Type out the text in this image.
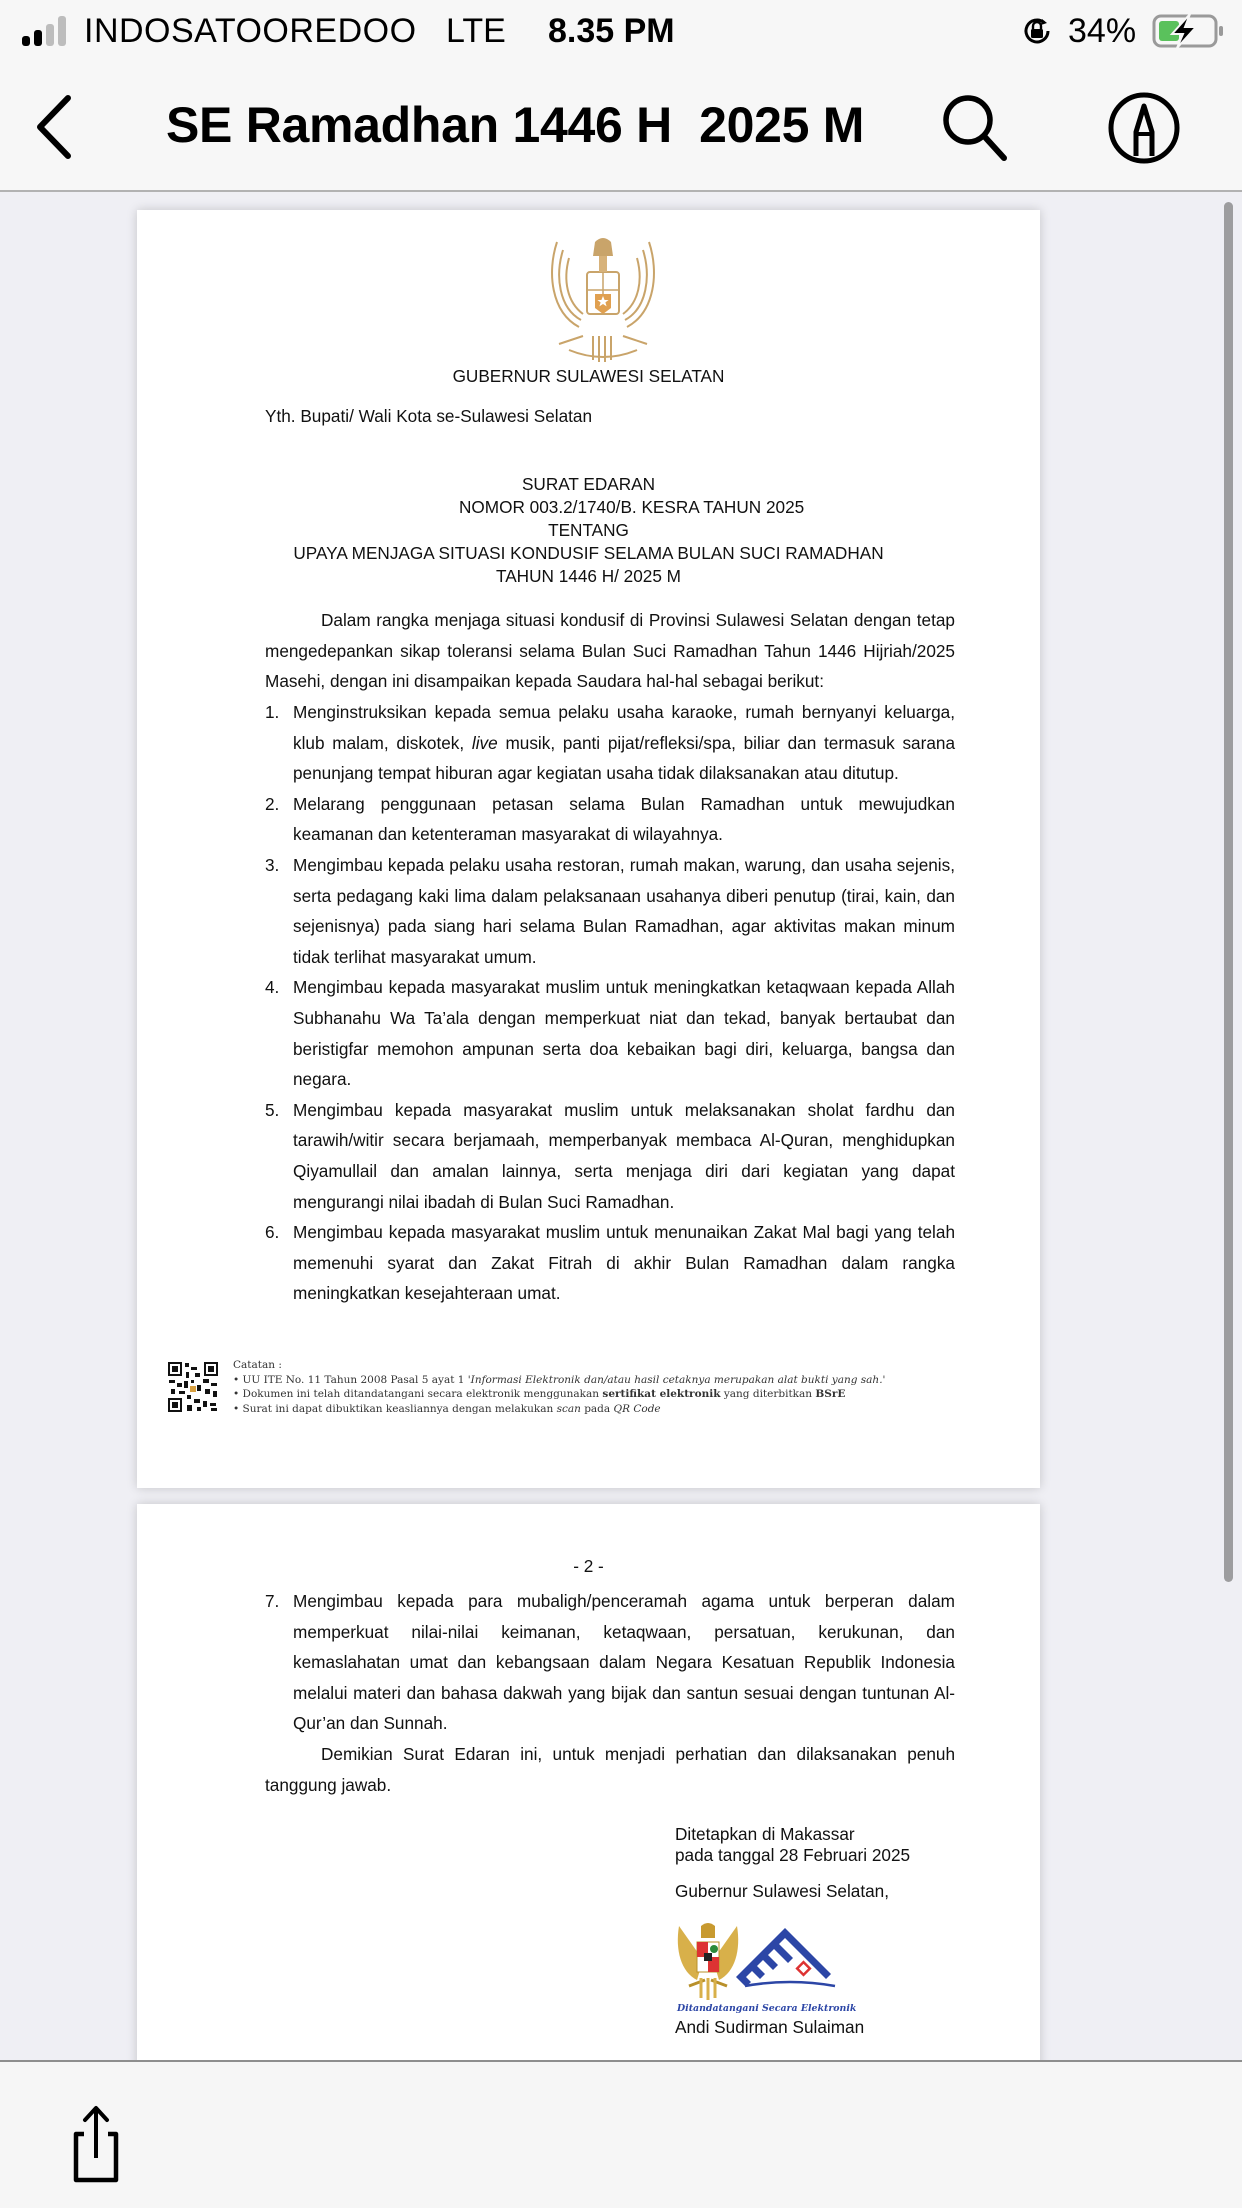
INDOSATOOREDOO LTE 8.35 PM	34%
SE Ramadhan 1446 H  2025 M
GUBERNUR SULAWESI SELATAN
Yth. Bupati/ Wali Kota se-Sulawesi Selatan
SURAT EDARAN
NOMOR 003.2/1740/B. KESRA TAHUN 2025
TENTANG
UPAYA MENJAGA SITUASI KONDUSIF SELAMA BULAN SUCI RAMADHAN
TAHUN 1446 H/ 2025 M
Dalam rangka menjaga situasi kondusif di Provinsi Sulawesi Selatan dengan tetap mengedepankan sikap toleransi selama Bulan Suci Ramadhan Tahun 1446 Hijriah/2025 Masehi, dengan ini disampaikan kepada Saudara hal-hal sebagai berikut:
1. Menginstruksikan kepada semua pelaku usaha karaoke, rumah bernyanyi keluarga, klub malam, diskotek, live musik, panti pijat/refleksi/spa, biliar dan termasuk sarana penunjang tempat hiburan agar kegiatan usaha tidak dilaksanakan atau ditutup.
2. Melarang penggunaan petasan selama Bulan Ramadhan untuk mewujudkan keamanan dan ketenteraman masyarakat di wilayahnya.
3. Mengimbau kepada pelaku usaha restoran, rumah makan, warung, dan usaha sejenis, serta pedagang kaki lima dalam pelaksanaan usahanya diberi penutup (tirai, kain, dan sejenisnya) pada siang hari selama Bulan Ramadhan, agar aktivitas makan minum tidak terlihat masyarakat umum.
4. Mengimbau kepada masyarakat muslim untuk meningkatkan ketaqwaan kepada Allah Subhanahu Wa Ta’ala dengan memperkuat niat dan tekad, banyak bertaubat dan beristigfar memohon ampunan serta doa kebaikan bagi diri, keluarga, bangsa dan negara.
5. Mengimbau kepada masyarakat muslim untuk melaksanakan sholat fardhu dan tarawih/witir secara berjamaah, memperbanyak membaca Al-Quran, menghidupkan Qiyamullail dan amalan lainnya, serta menjaga diri dari kegiatan yang dapat mengurangi nilai ibadah di Bulan Suci Ramadhan.
6. Mengimbau kepada masyarakat muslim untuk menunaikan Zakat Mal bagi yang telah memenuhi syarat dan Zakat Fitrah di akhir Bulan Ramadhan dalam rangka meningkatkan kesejahteraan umat.
Catatan :
• UU ITE No. 11 Tahun 2008 Pasal 5 ayat 1 'Informasi Elektronik dan/atau hasil cetaknya merupakan alat bukti yang sah.'
• Dokumen ini telah ditandatangani secara elektronik menggunakan sertifikat elektronik yang diterbitkan BSrE
• Surat ini dapat dibuktikan keasliannya dengan melakukan scan pada QR Code
- 2 -
7. Mengimbau kepada para mubaligh/penceramah agama untuk berperan dalam memperkuat nilai-nilai keimanan, ketaqwaan, persatuan, kerukunan, dan kemaslahatan umat dan kebangsaan dalam Negara Kesatuan Republik Indonesia melalui materi dan bahasa dakwah yang bijak dan santun sesuai dengan tuntunan Al-Qur’an dan Sunnah.
Demikian Surat Edaran ini, untuk menjadi perhatian dan dilaksanakan penuh tanggung jawab.
Ditetapkan di Makassar
pada tanggal 28 Februari 2025
Gubernur Sulawesi Selatan,
Ditandatangani Secara Elektronik
Andi Sudirman Sulaiman
